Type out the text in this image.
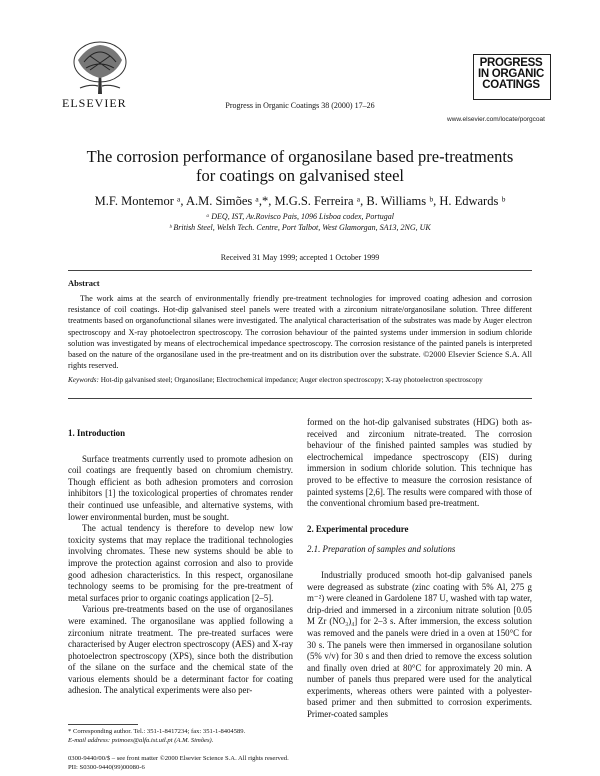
ELSEVIER	Progress in Organic Coatings 38 (2000) 17–26
PROGRESS
IN ORGANIC
COATINGS
www.elsevier.com/locate/porgcoat
The corrosion performance of organosilane based pre-treatments
for coatings on galvanised steel
M.F. Montemor ᵃ, A.M. Simões ᵃ,*, M.G.S. Ferreira ᵃ, B. Williams ᵇ, H. Edwards ᵇ
ᵃ DEQ, IST, Av.Rovisco Pais, 1096 Lisboa codex, Portugal
ᵇ British Steel, Welsh Tech. Centre, Port Talbot, West Glamorgan, SA13, 2NG, UK
Received 31 May 1999; accepted 1 October 1999
Abstract
The work aims at the search of environmentally friendly pre-treatment technologies for improved coating adhesion and corrosion resistance of coil coatings. Hot-dip galvanised steel panels were treated with a zirconium nitrate/organosilane solution. Three different treatments based on organofunctional silanes were investigated. The analytical characterisation of the substrates was made by Auger electron spectroscopy and X-ray photoelectron spectroscopy. The corrosion behaviour of the painted systems under immersion in sodium chloride solution was investigated by means of electrochemical impedance spectroscopy. The corrosion resistance of the painted panels is interpreted based on the nature of the organosilane used in the pre-treatment and on its distribution over the substrate. ©2000 Elsevier Science S.A. All rights reserved.
Keywords: Hot-dip galvanised steel; Organosilane; Electrochemical impedance; Auger electron spectroscopy; X-ray photoelectron spectroscopy
1. Introduction

Surface treatments currently used to promote adhesion on coil coatings are frequently based on chromium chemistry. Though efficient as both adhesion promoters and corrosion inhibitors [1] the toxicological properties of chromates render their continued use unfeasible, and alternative systems, with lower environmental burden, must be sought.

The actual tendency is therefore to develop new low toxicity systems that may replace the traditional technologies involving chromates. These new systems should be able to improve the protection against corrosion and also to provide good adhesion characteristics. In this respect, organosilane technology seems to be promising for the pre-treatment of metal surfaces prior to organic coatings application [2–5].

Various pre-treatments based on the use of organosilanes were examined. The organosilane was applied following a zirconium nitrate treatment. The pre-treated surfaces were characterised by Auger electron spectroscopy (AES) and X-ray photoelectron spectroscopy (XPS), since both the distribution of the silane on the surface and the chemical state of the various elements should be a determinant factor for coating adhesion. The analytical experiments were also per-

* Corresponding author. Tel.: 351-1-8417234; fax: 351-1-8404589.
E-mail address: psimoes@alfa.ist.utl.pt (A.M. Simões).
0300-9440/00/$ – see front matter ©2000 Elsevier Science S.A. All rights reserved.
PII: S0300-9440(99)00080-6

formed on the hot-dip galvanised substrates (HDG) both as-received and zirconium nitrate-treated. The corrosion behaviour of the finished painted samples was studied by electrochemical impedance spectroscopy (EIS) during immersion in sodium chloride solution. This technique has proved to be effective to measure the corrosion resistance of painted systems [2,6]. The results were compared with those of the conventional chromium based pre-treatment.

2. Experimental procedure
2.1. Preparation of samples and solutions

Industrially produced smooth hot-dip galvanised panels were degreased as substrate (zinc coating with 5% Al, 275 g m⁻²) were cleaned in Gardolene 187 U, washed with tap water, drip-dried and immersed in a zirconium nitrate solution [0.05 M Zr (NO₃)₄] for 2–3 s. After immersion, the excess solution was removed and the panels were dried in a oven at 150°C for 30 s. The panels were then immersed in organosilane solution (5% v/v) for 30 s and then dried to remove the excess solution and finally oven dried at 80°C for approximately 20 min. A number of panels thus prepared were used for the analytical experiments, whereas others were painted with a polyester-based primer and then submitted to corrosion experiments. Primer-coated samples
